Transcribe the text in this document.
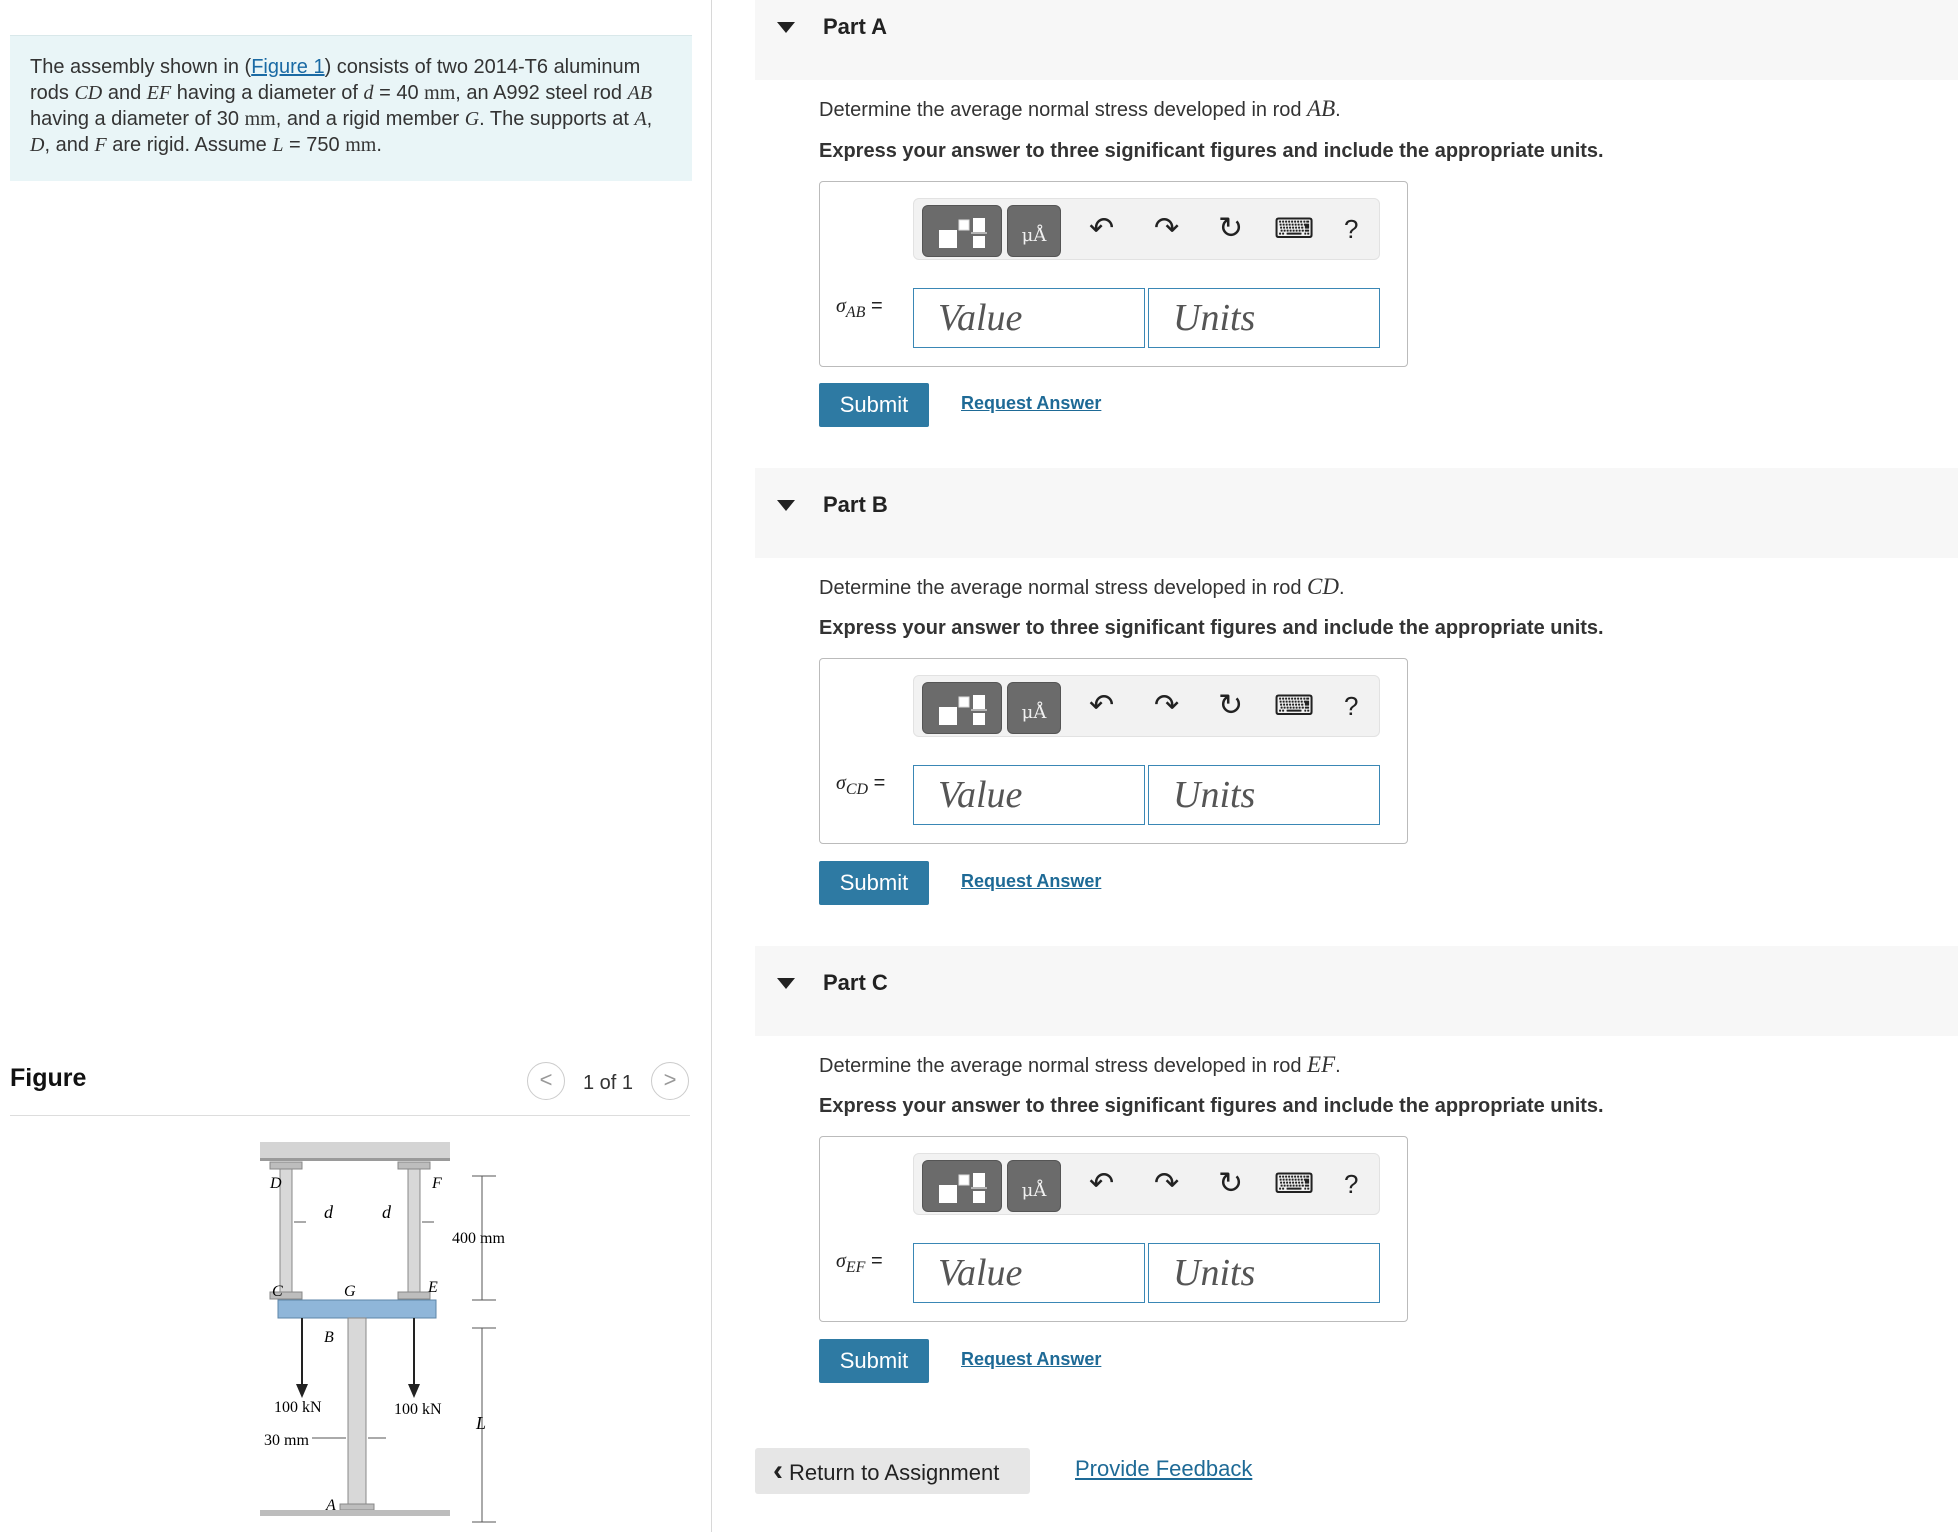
The assembly shown in (Figure 1) consists of two 2014-T6 aluminum rods CD and EF having a diameter of d = 40 mm, an A992 steel rod AB having a diameter of 30 mm, and a rigid member G. The supports at A, D, and F are rigid. Assume L = 750 mm.
Figure	<	1 of 1	>
D	F
C	G	E
B
A
d	d
400 mm
100 kN	100 kN
30 mm
L
Part A
Determine the average normal stress developed in rod AB.
Express your answer to three significant figures and include the appropriate units.
μÅ	↶ ↷ ↻ ⌨ ?
$\sigma_{AB}$ =	Value	Units
Submit	Request Answer
Part B
Determine the average normal stress developed in rod CD.
Express your answer to three significant figures and include the appropriate units.
μÅ	↶ ↷ ↻ ⌨ ?
$\sigma_{CD}$ =	Value	Units
Submit	Request Answer
Part C
Determine the average normal stress developed in rod EF.
Express your answer to three significant figures and include the appropriate units.
μÅ	↶ ↷ ↻ ⌨ ?
$\sigma_{EF}$ =	Value	Units
Submit	Request Answer
‹ Return to Assignment	Provide Feedback
